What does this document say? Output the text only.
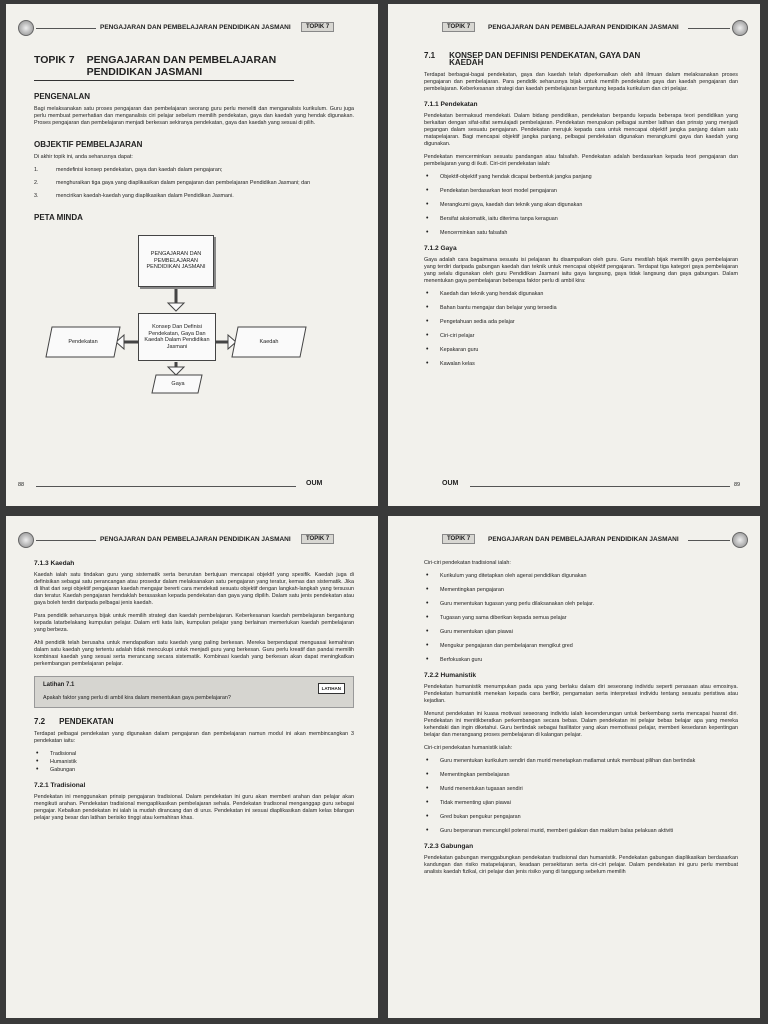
PENGAJARAN DAN PEMBELAJARAN PENDIDIKAN JASMANI	TOPIK 7
TOPIK 7 PENGAJARAN DAN PEMBELAJARAN PENDIDIKAN JASMANI
PENGENALAN

Bagi melaksanakan satu proses pengajaran dan pembelajaran seorang guru perlu meneliti dan menganalisis kurikulum. Guru juga perlu membuat pemerhatian dan menganalisis ciri pelajar sebelum memilih pendekatan, gaya dan kaedah yang hendak digunakan. Proses pengajaran dan pembelajaran menjadi berkesan sekiranya pendekatan, gaya dan kaedah yang sesuai di pilih.

OBJEKTIF PEMBELAJARAN

Di akhir topik ini, anda seharusnya dapat:

1.	mendefinisi konsep pendekatan, gaya dan kaedah dalam pengajaran;
2.	menghuraikan tiga gaya yang diaplikasikan dalam pengajaran dan pembelajaran Pendidikan Jasmani; dan
3.	mencirikan kaedah-kaedah yang diaplikasikan dalam Pendidikan Jasmani.
PETA MINDA
PENGAJARAN DAN PEMBELAJARAN PENDIDIKAN JASMANI
Konsep Dan Definisi Pendekatan, Gaya Dan Kaedah Dalam Pendidikan Jasmani
Pendekatan	Kaedah
Gaya
88	OUM
TOPIK 7	PENGAJARAN DAN PEMBELAJARAN PENDIDIKAN JASMANI
7.1 KONSEP DAN DEFINISI PENDEKATAN, GAYA DAN KAEDAH

Terdapat berbagai-bagai pendekatan, gaya dan kaedah telah diperkenalkan oleh ahli ilmuan dalam melaksanakan proses pengajaran dan pembelajaran. Para pendidik seharusnya bijak untuk memilih pendekatan gaya dan kaedah pengajaran dan pembelajaran. Keberkesanan strategi dan kaedah pembelajaran bergantung kepada kurikulum dan ciri pelajar.

7.1.1 Pendekatan

Pendekatan bermaksud mendekati. Dalam bidang pendidikan, pendekatan berpandu kepada beberapa teori pendidikan yang berkaitan dengan sifat-sifat semulajadi pembelajaran. Pendekatan merupakan pelbagai sumber latihan dan prinsip yang menjadi pegangan dalam sesuatu pengajaran. Pendekatan merujuk kepada cara untuk mencapai objektif jangka panjang dalam satu matapelajaran. Bagi mencapai objektif jangka panjang, pelbagai pendekatan digunakan merangkumi gaya dan kaedah yang digunakan.

Pendekatan mencerminkan sesuatu pandangan atau falsafah. Pendekatan adalah berdasarkan kepada teori pengajaran dan pembelajaran yang di ikuti. Ciri-ciri pendekatan ialah:

• Objektif-objektif yang hendak dicapai berbentuk jangka panjang
• Pendekatan berdasarkan teori model pengajaran
• Merangkumi gaya, kaedah dan teknik yang akan digunakan
• Bersifat aksiomatik, iaitu diterima tanpa keraguan
• Mencerminkan satu falsafah
7.1.2 Gaya

Gaya adalah cara bagaimana sesuatu isi pelajaran itu disampaikan oleh guru. Guru mestilah bijak memilih gaya pembelajaran yang terdiri daripada gabungan kaedah dan teknik untuk mencapai objektif pengajaran. Terdapat tiga kategori gaya pembelajaran yang selalu digunakan oleh guru Pendidikan Jasmani iaitu gaya langsung, gaya tidak langsung dan gaya gabungan. Dalam menentukan gaya pembelajaran beberapa faktor perlu di ambil kira:

• Kaedah dan teknik yang hendak digunakan
• Bahan bantu mengajar dan belajar yang tersedia
• Pengetahuan sedia ada pelajar
• Ciri-ciri pelajar
• Kepakaran guru
• Kawalan kelas
OUM	89
PENGAJARAN DAN PEMBELAJARAN PENDIDIKAN JASMANI	TOPIK 7
7.1.3 Kaedah

Kaedah ialah satu tindakan guru yang sistematik serta berurutan bertujuan mencapai objektif yang spesifik. Kaedah juga di definisikan sebagai satu perancangan atau prosedur dalam melaksanakan satu pengajaran yang teratur, kemas dan sistematik. Jika di lihat dari segi objektif pengajaran kaedah mengajar bererti cara mendekati sesuatu objektif dengan langkah-langkah yang tersusun dan teratur. Kaedah pengajaran hendaklah berasaskan kepada pendekatan dan gaya yang dipilih. Dalam satu jenis pendekatan atau gaya boleh terdiri daripada pelbagai jenis kaedah.

Para pendidik seharusnya bijak untuk memilih strategi dan kaedah pembelajaran. Keberkesanan kaedah pembelajaran bergantung kepada latarbelakang kumpulan pelajar. Dalam erti kata lain, kumpulan pelajar yang berlainan memerlukan kaedah pembelajaran yang berbeza.

Ahli pendidik telah berusaha untuk mendapatkan satu kaedah yang paling berkesan. Mereka berpendapat menguasai kemahiran dalam satu kaedah yang tertentu adalah tidak mencukupi untuk menjadi guru yang berkesan. Guru perlu kreatif dan pandai memilih kombinasi kaedah yang sesuai serta merancang secara sistematik. Kombinasi kaedah yang berkesan akan dapat meningkatkan perkembangan pembelajaran pelajar.

Latihan 7.1
LATIHAN

Apakah faktor yang perlu di ambil kira dalam menentukan gaya pembelajaran?

7.2 PENDEKATAN

Terdapat pelbagai pendekatan yang digunakan dalam pengajaran dan pembelajaran namun modul ini akan membincangkan 3 pendekatan iaitu:

• Tradisional
• Humanistik
• Gabungan
7.2.1 Tradisional

Pendekatan ini menggunakan prinsip pengajaran tradisional. Dalam pendekatan ini guru akan memberi arahan dan pelajar akan mengikuti arahan. Pendekatan tradisional mengaplikasikan pembelajaran sehala. Pendekatan tradisonal menganggap guru sebagai pengajar. Kebaikan pendekatan ini ialah ia mudah dirancang dan di urus. Pendekatan ini sesuai diaplikasikan dalam kelas bilangan pelajar yang besar dan latihan berisiko tinggi atau kemahiran khas.

TOPIK 7	PENGAJARAN DAN PEMBELAJARAN PENDIDIKAN JASMANI

Ciri-ciri pendekatan tradisional ialah:

• Kurikulum yang ditetapkan oleh agensi pendidikan digunakan
• Mementingkan pengajaran
• Guru menentukan tugasan yang perlu dilaksanakan oleh pelajar.
• Tugasan yang sama diberikan kepada semua pelajar
• Guru menentukan ujian piawai
• Mengukur pengajaran dan pembelajaran mengikut gred
• Berfokuskan guru
7.2.2 Humanistik

Pendekatan humanistik menumpukan pada apa yang berlaku dalam diri seseorang individu seperti perasaan atau emosinya. Pendekatan humanistik menekan kepada cara berfikir, pengamatan serta interpretasi individu tentang sesuatu peristiwa atau kejadian.

Menurut pendekatan ini kuasa motivasi seseorang individu ialah kecenderungan untuk berkembang serta mencapai hasrat diri. Pendekatan ini menitikberatkan perkembangan secara bebas. Dalam pendekatan ini pelajar bebas belajar apa yang mereka kehendaki dan ingin diketahui. Guru bertindak sebagai fasilitator yang akan memotivasi pelajar, memberi kesedaran kepentingan belajar dan merangsang proses pembelajaran di kalangan pelajar.

Ciri-ciri pendekatan humanistik ialah:

• Guru menentukan kurikulum sendiri dan murid menetapkan matlamat untuk membuat pilihan dan bertindak
• Mementingkan pembelajaran
• Murid menentukan tugasan sendiri
• Tidak mementing ujian piawai
• Gred bukan pengukur pengajaran
• Guru berperanan mencungkil potensi murid, memberi galakan dan maklum balas pelakuan aktiviti
7.2.3 Gabungan

Pendekatan gabungan menggabungkan pendekatan tradisional dan humanistik. Pendekatan gabungan diaplikasikan berdasarkan kandungan dan risiko matapelajaran, keadaan persekitaran serta ciri-ciri pelajar. Dalam pendekatan ini guru perlu membuat analisis kaedah fizikal, ciri pelajar dan jenis risiko yang di tanggung sebelum memilih
